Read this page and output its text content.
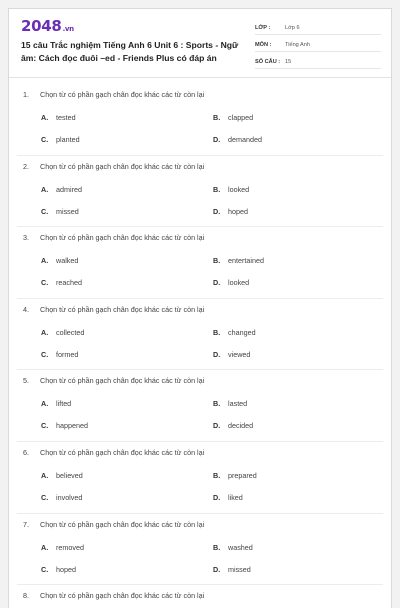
2048.vn
15 câu Trắc nghiệm Tiếng Anh 6 Unit 6 : Sports - Ngữ âm: Cách đọc đuôi –ed - Friends Plus có đáp án
LỚP :	Lớp 6
MÔN :	Tiếng Anh
SỐ CÂU : 15
1. Chọn từ có phần gạch chân đọc khác các từ còn lại
A. tested	B. clapped
C. planted	D. demanded
2. Chọn từ có phần gạch chân đọc khác các từ còn lại
A. admired	B. looked
C. missed	D. hoped
3. Chọn từ có phần gạch chân đọc khác các từ còn lại
A. walked	B. entertained
C. reached	D. looked
4. Chọn từ có phần gạch chân đọc khác các từ còn lại
A. collected	B. changed
C. formed	D. viewed
5. Chọn từ có phần gạch chân đọc khác các từ còn lại
A. lifted	B. lasted
C. happened	D. decided
6. Chọn từ có phần gạch chân đọc khác các từ còn lại
A. believed	B. prepared
C. involved	D. liked
7. Chọn từ có phần gạch chân đọc khác các từ còn lại
A. removed	B. washed
C. hoped	D. missed
8. Chọn từ có phần gạch chân đọc khác các từ còn lại
